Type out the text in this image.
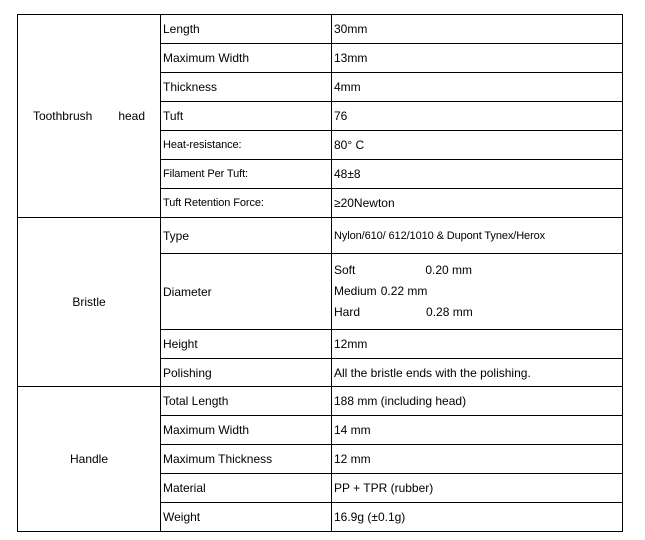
Toothbrush head	Length	30mm
	Maximum Width	13mm
	Thickness	4mm
	Tuft	76
	Heat-resistance:	80° C
	Filament Per Tuft:	48±8
	Tuft Retention Force:	≥20Newton
Bristle	Type	Nylon/610/ 612/1010 & Dupont Tynex/Herox
	Diameter	Soft 0.20 mm
Medium 0.22 mm
Hard 0.28 mm

	Height	12mm
	Polishing	All the bristle ends with the polishing.
Handle	Total Length	188 mm (including head)
	Maximum Width	14 mm
	Maximum Thickness	12 mm
	Material	PP + TPR (rubber)
	Weight	16.9g (±0.1g)
